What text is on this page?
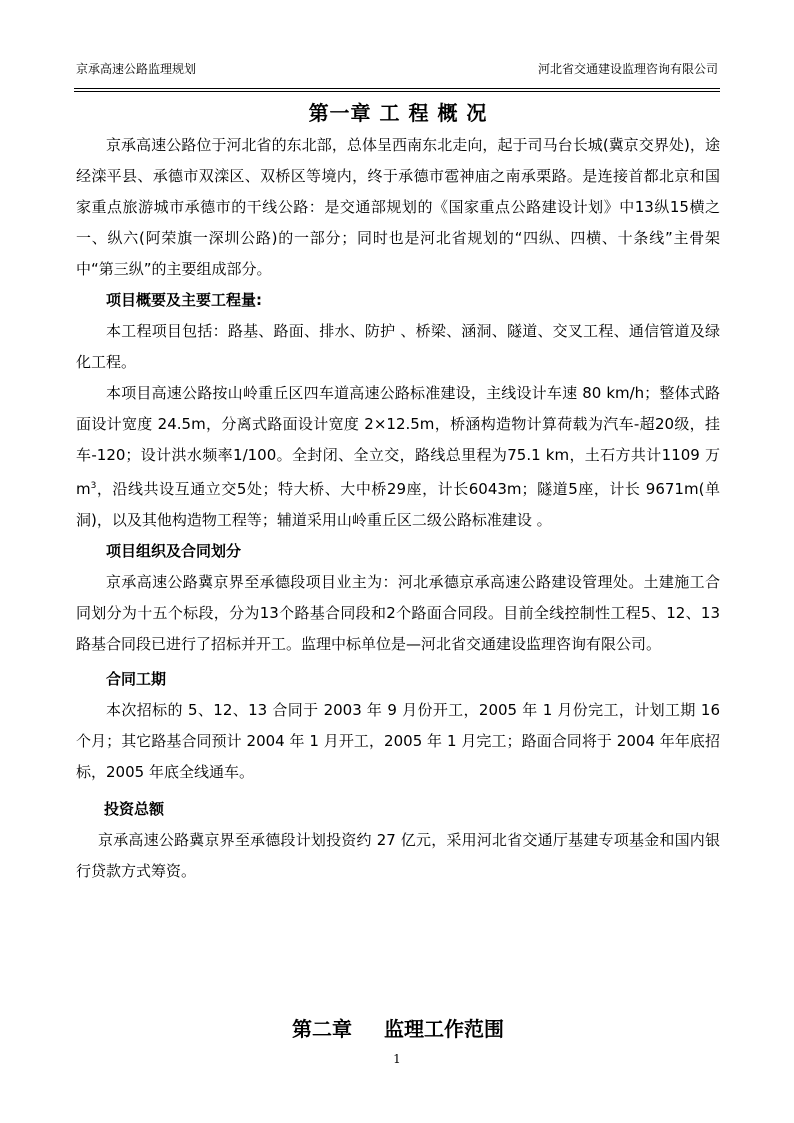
京承高速公路监理规划	河北省交通建设监理咨询有限公司
第一章 工 程 概 况

京承高速公路位于河北省的东北部，总体呈西南东北走向，起于司马台长城(冀京交界处)，途经滦平县、承德市双滦区、双桥区等境内，终于承德市雹神庙之南承栗路。是连接首都北京和国家重点旅游城市承德市的干线公路：是交通部规划的《国家重点公路建设计划》中13纵15横之一、纵六(阿荣旗一深圳公路)的一部分；同时也是河北省规划的“四纵、四横、十条线”主骨架中“第三纵”的主要组成部分。

项目概要及主要工程量:

本工程项目包括：路基、路面、排水、防护 、桥梁、涵洞、隧道、交叉工程、通信管道及绿化工程。

本项目高速公路按山岭重丘区四车道高速公路标准建设，主线设计车速 80 km/h；整体式路面设计宽度 24.5m，分离式路面设计宽度 2×12.5m，桥涵构造物计算荷载为汽车-超20级，挂车-120；设计洪水频率1/100。全封闭、全立交，路线总里程为75.1 km，土石方共计1109 万$m^3$，沿线共设互通立交5处；特大桥、大中桥29座，计长6043m；隧道5座，计长 9671m(单洞)，以及其他构造物工程等；辅道采用山岭重丘区二级公路标准建设 。

项目组织及合同划分

京承高速公路冀京界至承德段项目业主为：河北承德京承高速公路建设管理处。土建施工合同划分为十五个标段，分为13个路基合同段和2个路面合同段。目前全线控制性工程5、12、13路基合同段已进行了招标并开工。监理中标单位是—河北省交通建设监理咨询有限公司。

合同工期

本次招标的 5、12、13 合同于 2003 年 9 月份开工，2005 年 1 月份完工，计划工期 16 个月；其它路基合同预计 2004 年 1 月开工，2005 年 1 月完工；路面合同将于 2004 年年底招标，2005 年底全线通车。

投资总额

京承高速公路冀京界至承德段计划投资约 27 亿元，采用河北省交通厅基建专项基金和国内银行贷款方式筹资。

第二章 监理工作范围
1
